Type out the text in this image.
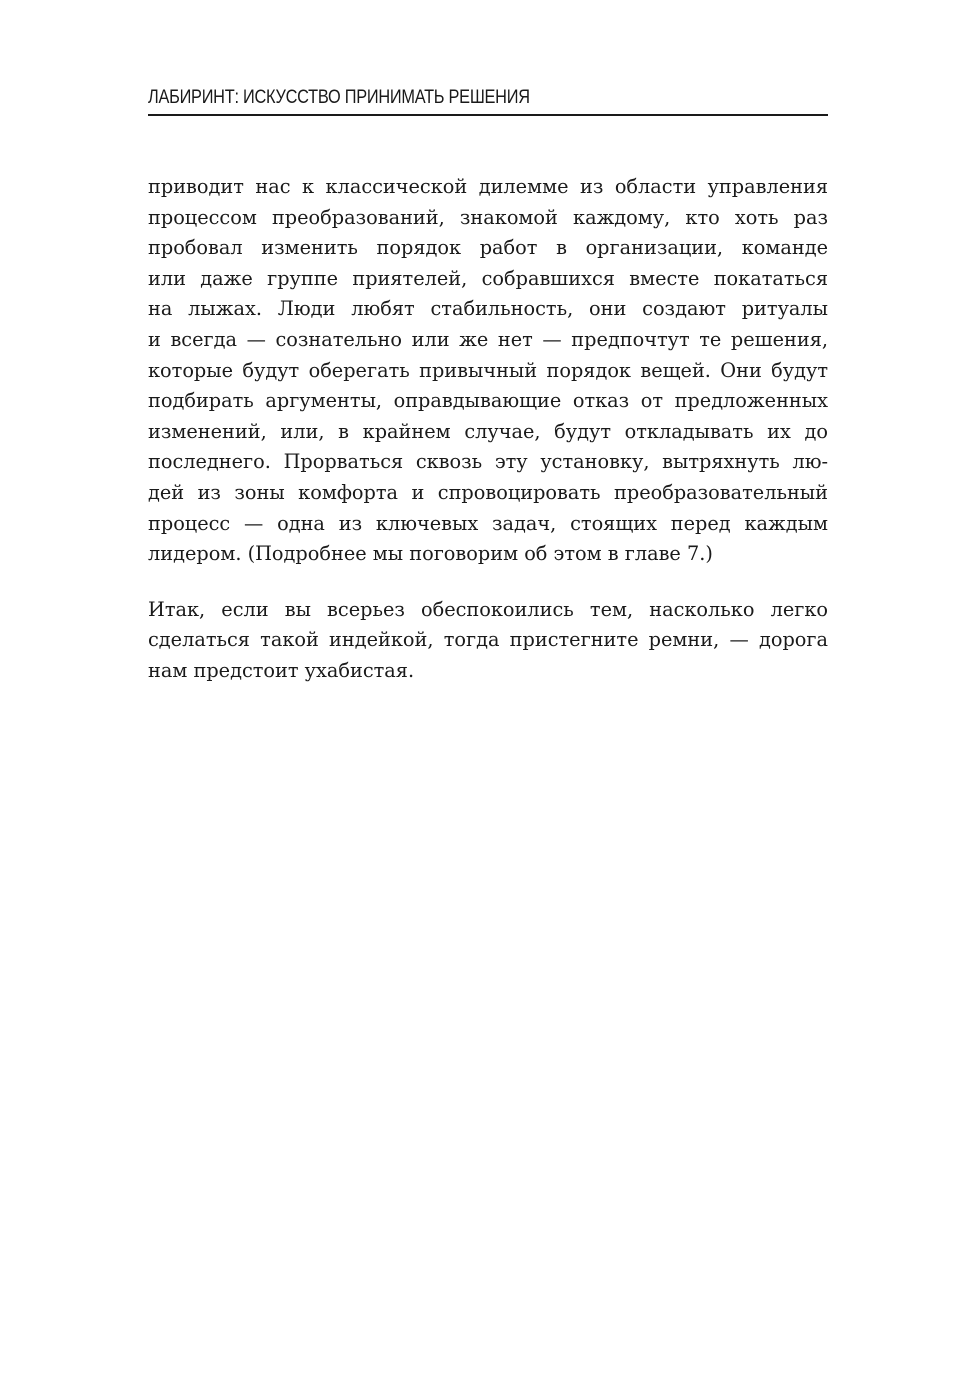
ЛАБИРИНТ: ИСКУССТВО ПРИНИМАТЬ РЕШЕНИЯ

приводит нас к классической дилемме из области управления
процессом преобразований, знакомой каждому, кто хоть раз
пробовал изменить порядок работ в организации, команде
или даже группе приятелей, собравшихся вместе покататься
на лыжах. Люди любят стабильность, они создают ритуалы
и всегда — сознательно или же нет — предпочтут те решения,
которые будут оберегать привычный порядок вещей. Они будут
подбирать аргументы, оправдывающие отказ от предложенных
изменений, или, в крайнем случае, будут откладывать их до
последнего. Прорваться сквозь эту установку, вытряхнуть лю-
дей из зоны комфорта и спровоцировать преобразовательный
процесс — одна из ключевых задач, стоящих перед каждым
лидером. (Подробнее мы поговорим об этом в главе 7.)

Итак, если вы всерьез обеспокоились тем, насколько легко
сделаться такой индейкой, тогда пристегните ремни, — дорога
нам предстоит ухабистая.
